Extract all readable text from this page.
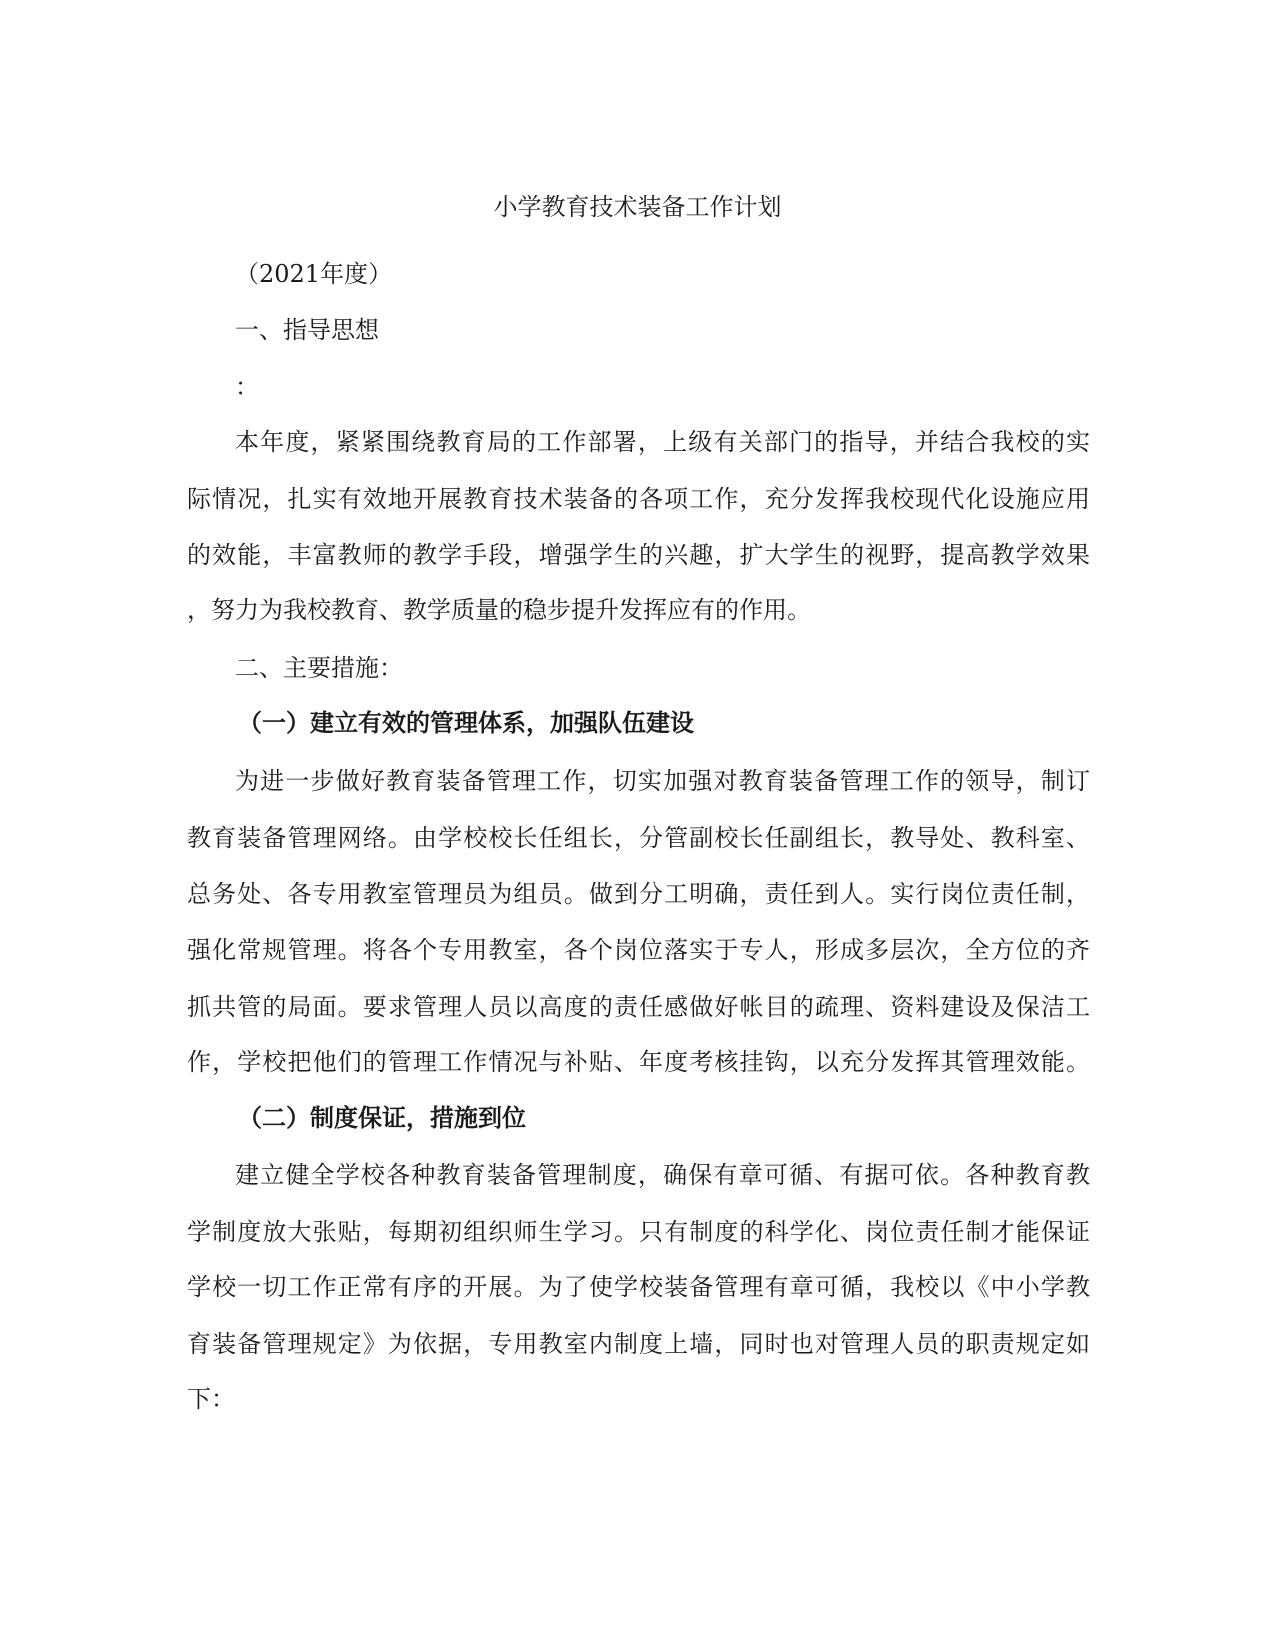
小学教育技术装备工作计划
（2021年度）
一、指导思想
：
本年度，紧紧围绕教育局的工作部署，上级有关部门的指导，并结合我校的实
际情况，扎实有效地开展教育技术装备的各项工作，充分发挥我校现代化设施应用
的效能，丰富教师的教学手段，增强学生的兴趣，扩大学生的视野，提高教学效果
，努力为我校教育、教学质量的稳步提升发挥应有的作用。
二、主要措施：
（一）建立有效的管理体系，加强队伍建设
为进一步做好教育装备管理工作，切实加强对教育装备管理工作的领导，制订
教育装备管理网络。由学校校长任组长，分管副校长任副组长，教导处、教科室、
总务处、各专用教室管理员为组员。做到分工明确，责任到人。实行岗位责任制，
强化常规管理。将各个专用教室，各个岗位落实于专人，形成多层次，全方位的齐
抓共管的局面。要求管理人员以高度的责任感做好帐目的疏理、资料建设及保洁工
作，学校把他们的管理工作情况与补贴、年度考核挂钩，以充分发挥其管理效能。
（二）制度保证，措施到位
建立健全学校各种教育装备管理制度，确保有章可循、有据可依。各种教育教
学制度放大张贴，每期初组织师生学习。只有制度的科学化、岗位责任制才能保证
学校一切工作正常有序的开展。为了使学校装备管理有章可循，我校以《中小学教
育装备管理规定》为依据，专用教室内制度上墙，同时也对管理人员的职责规定如
下：
